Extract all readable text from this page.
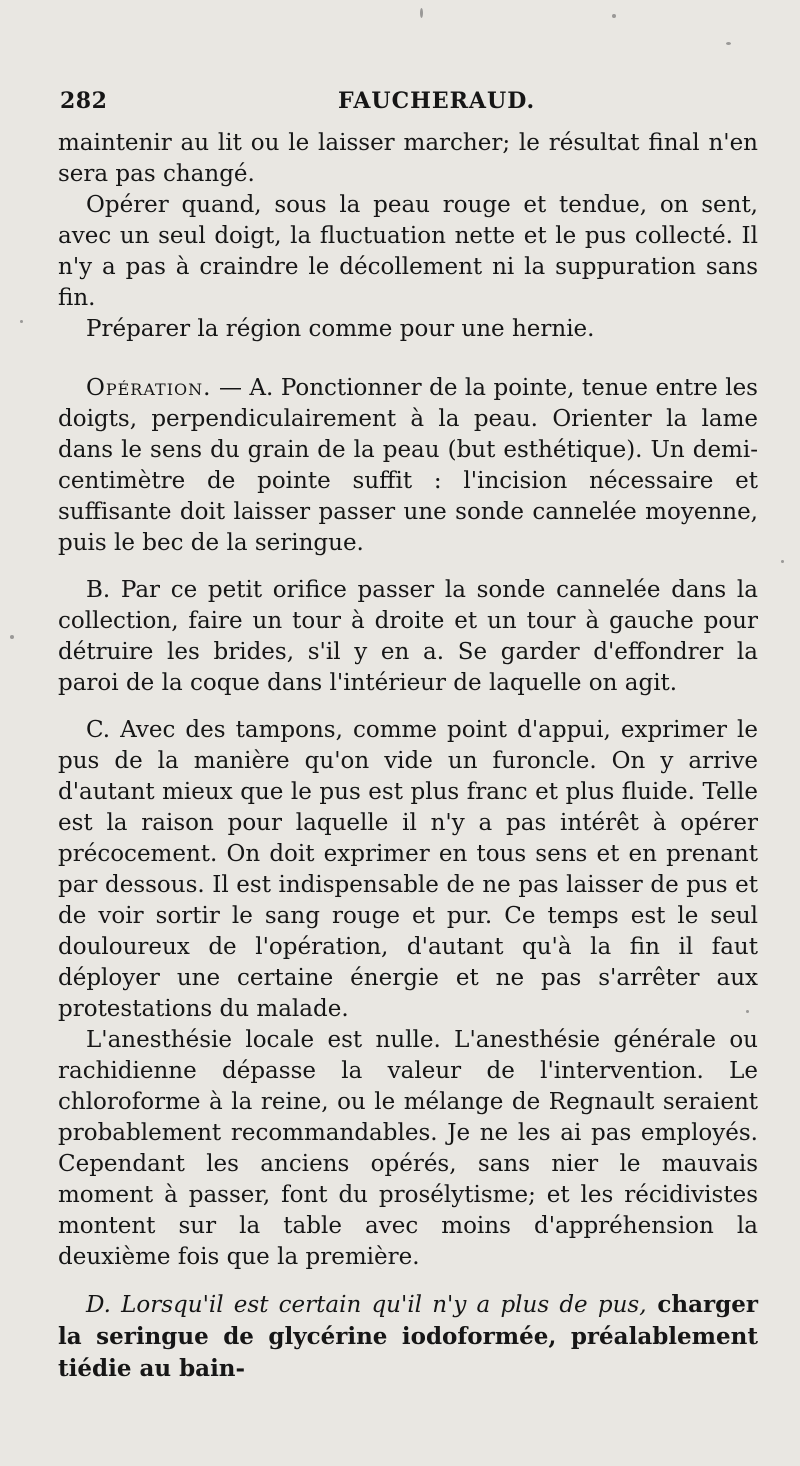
282	FAUCHERAUD.

maintenir au lit ou le laisser marcher; le résultat final n'en sera pas changé.

Opérer quand, sous la peau rouge et tendue, on sent, avec un seul doigt, la fluctuation nette et le pus collecté. Il n'y a pas à craindre le décollement ni la suppuration sans fin.

Préparer la région comme pour une hernie.

Opération. — A. Ponctionner de la pointe, tenue entre les doigts, perpendiculairement à la peau. Orienter la lame dans le sens du grain de la peau (but esthétique). Un demi-centimètre de pointe suffit : l'incision nécessaire et suffisante doit laisser passer une sonde cannelée moyenne, puis le bec de la seringue.

B. Par ce petit orifice passer la sonde cannelée dans la collection, faire un tour à droite et un tour à gauche pour détruire les brides, s'il y en a. Se garder d'effondrer la paroi de la coque dans l'intérieur de laquelle on agit.

C. Avec des tampons, comme point d'appui, exprimer le pus de la manière qu'on vide un furoncle. On y arrive d'autant mieux que le pus est plus franc et plus fluide. Telle est la raison pour laquelle il n'y a pas intérêt à opérer précocement. On doit exprimer en tous sens et en prenant par dessous. Il est indispensable de ne pas laisser de pus et de voir sortir le sang rouge et pur. Ce temps est le seul douloureux de l'opération, d'autant qu'à la fin il faut déployer une certaine énergie et ne pas s'arrêter aux protestations du malade.

L'anesthésie locale est nulle. L'anesthésie générale ou rachidienne dépasse la valeur de l'intervention. Le chloroforme à la reine, ou le mélange de Regnault seraient probablement recommandables. Je ne les ai pas employés. Cependant les anciens opérés, sans nier le mauvais moment à passer, font du prosélytisme; et les récidivistes montent sur la table avec moins d'appréhension la deuxième fois que la première.

D. Lorsqu'il est certain qu'il n'y a plus de pus, charger la seringue de glycérine iodoformée, préalablement tiédie au bain-
